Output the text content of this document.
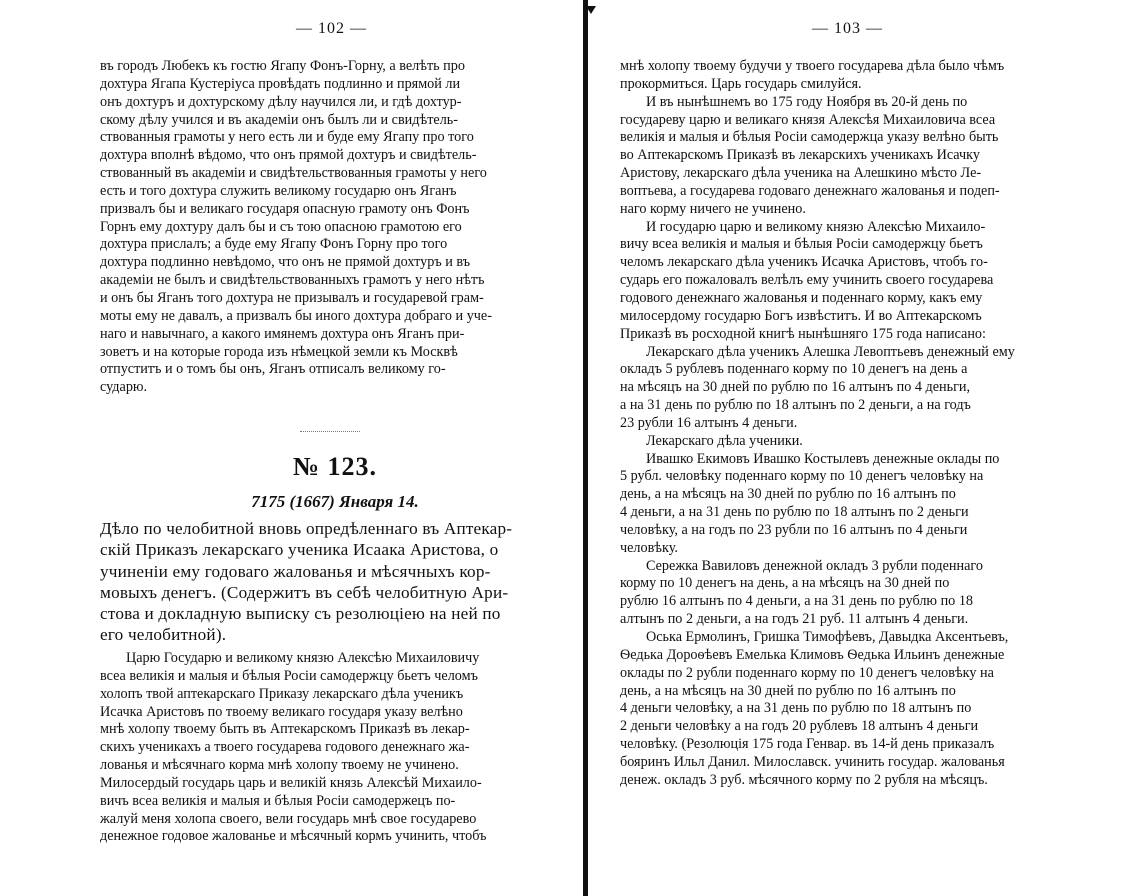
— 102 —

въ городъ Любекъ къ гостю Ягапу Фонъ-Горну, а велѣть про
дохтура Ягапа Кустеріуса провѣдать подлинно и прямой ли
онъ дохтуръ и дохтурскому дѣлу научился ли, и гдѣ дохтур-
скому дѣлу учился и въ академіи онъ былъ ли и свидѣтель-
ствованныя грамоты у него есть ли и буде ему Ягапу про того
дохтура вполнѣ вѣдомо, что онъ прямой дохтуръ и свидѣтель-
ствованный въ академіи и свидѣтельствованныя грамоты у него
есть и того дохтура служить великому государю онъ Яганъ
призвалъ бы и великаго государя опасную грамоту онъ Фонъ
Горнъ ему дохтуру далъ бы и съ тою опасною грамотою его
дохтура прислалъ; а буде ему Ягапу Фонъ Горну про того
дохтура подлинно невѣдомо, что онъ не прямой дохтуръ и въ
академіи не былъ и свидѣтельствованныхъ грамотъ у него нѣтъ
и онъ бы Яганъ того дохтура не призывалъ и государевой грам-
моты ему не давалъ, а призвалъ бы иного дохтура добраго и уче-
наго и навычнаго, а какого имянемъ дохтура онъ Яганъ при-
зоветъ и на которые города изъ нѣмецкой земли къ Москвѣ
отпуститъ и о томъ бы онъ, Яганъ отписалъ великому го-
сударю.

№ 123.
7175 (1667) Января 14.
Дѣло по челобитной вновь опредѣленнаго въ Аптекар-
скій Приказъ лекарскаго ученика Исаака Аристова, о
учиненіи ему годоваго жалованья и мѣсячныхъ кор-
мовыхъ денегъ. (Содержитъ въ себѣ челобитную Ари-
стова и докладную выписку съ резолюціею на ней по
его челобитной).

Царю Государю и великому князю Алексѣю Михаиловичу
всеа великія и малыя и бѣлыя Росіи самодержцу бьетъ челомъ
холопъ твой аптекарскаго Приказу лекарскаго дѣла ученикъ
Исачка Аристовъ по твоему великаго государя указу велѣно
мнѣ холопу твоему быть въ Аптекарскомъ Приказѣ въ лекар-
скихъ ученикахъ а твоего государева годового денежнаго жа-
лованья и мѣсячнаго корма мнѣ холопу твоему не учинено.
Милосердый государь царь и великій князь Алексѣй Михаило-
вичъ всеа великія и малыя и бѣлыя Росіи самодержецъ по-
жалуй меня холопа своего, вели государь мнѣ свое государево
денежное годовое жалованье и мѣсячный кормъ учинить, чтобъ

— 103 —

мнѣ холопу твоему будучи у твоего государева дѣла было чѣмъ
прокормиться. Царь государь смилуйся.

И въ нынѣшнемъ во 175 году Ноября въ 20-й день по
государеву царю и великаго князя Алексѣя Михаиловича всеа
великія и малыя и бѣлыя Росіи самодержца указу велѣно быть
во Аптекарскомъ Приказѣ въ лекарскихъ ученикахъ Исачку
Аристову, лекарскаго дѣла ученика на Алешкино мѣсто Ле-
воптьева, а государева годоваго денежнаго жалованья и подеп-
наго корму ничего не учинено.

И государю царю и великому князю Алексѣю Михаило-
вичу всеа великія и малыя и бѣлыя Росіи самодержцу бьетъ
челомъ лекарскаго дѣла ученикъ Исачка Аристовъ, чтобъ го-
сударь его пожаловалъ велѣлъ ему учинить своего государева
годового денежнаго жалованья и поденнаго корму, какъ ему
милосердому государю Богъ извѣститъ. И во Аптекарскомъ
Приказѣ въ росходной книгѣ нынѣшняго 175 года написано:

Лекарскаго дѣла ученикъ Алешка Левоптьевъ денежный ему
окладъ 5 рублевъ поденнаго корму по 10 денегъ на день а
на мѣсяцъ на 30 дней по рублю по 16 алтынъ по 4 деньги,
а на 31 день по рублю по 18 алтынъ по 2 деньги, а на годъ
23 рубли 16 алтынъ 4 деньги.

Лекарскаго дѣла ученики.

Ивашко Екимовъ Ивашко Костылевъ денежные оклады по
5 рубл. человѣку поденнаго корму по 10 денегъ человѣку на
день, а на мѣсяцъ на 30 дней по рублю по 16 алтынъ по
4 деньги, а на 31 день по рублю по 18 алтынъ по 2 деньги
человѣку, а на годъ по 23 рубли по 16 алтынъ по 4 деньги
человѣку.

Сережка Вавиловъ денежной окладъ 3 рубли поденнаго
корму по 10 денегъ на день, а на мѣсяцъ на 30 дней по
рублю 16 алтынъ по 4 деньги, а на 31 день по рублю по 18
алтынъ по 2 деньги, а на годъ 21 руб. 11 алтынъ 4 деньги.

Оська Ермолинъ, Гришка Тимофѣевъ, Давыдка Аксентьевъ,
Ѳедька Дороѳѣевъ Емелька Климовъ Ѳедька Ильинъ денежные
оклады по 2 рубли поденнаго корму по 10 денегъ человѣку на
день, а на мѣсяцъ на 30 дней по рублю по 16 алтынъ по
4 деньги человѣку, а на 31 день по рублю по 18 алтынъ по
2 деньги человѣку а на годъ 20 рублевъ 18 алтынъ 4 деньги
человѣку. (Резолюція 175 года Генвар. въ 14-й день приказалъ
бояринъ Ильл Данил. Милославск. учинить государ. жалованья
денеж. окладъ 3 руб. мѣсячного корму по 2 рубля на мѣсяцъ.
